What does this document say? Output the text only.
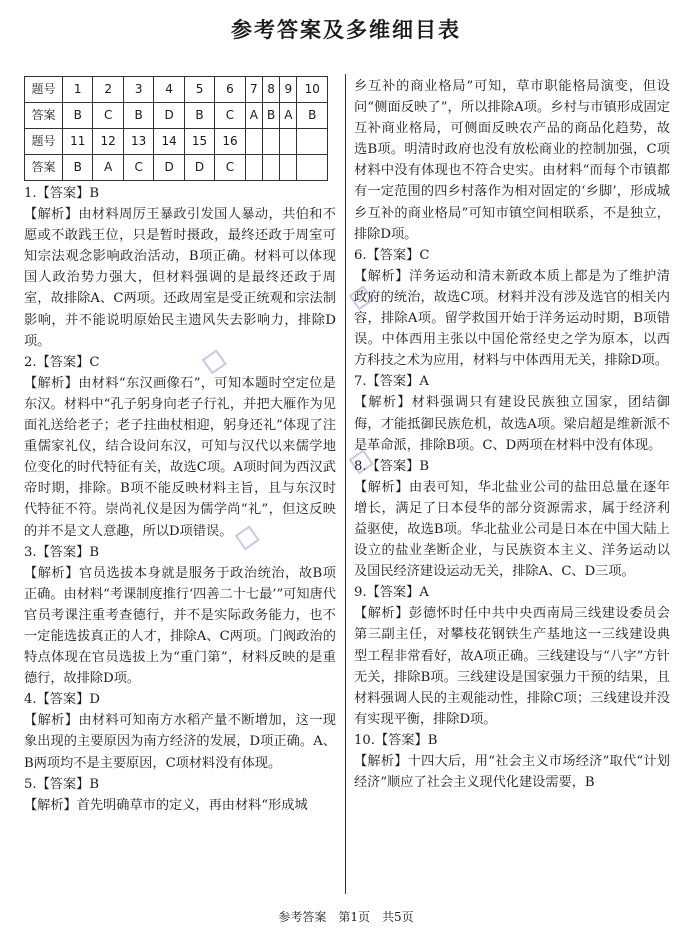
参考答案及多维细目表
题号	1	2	3	4	5	6	7	8	9	10
答案	B	C	B	D	B	C	A	B	A	B
题号	11	12	13	14	15	16				
答案	B	A	C	D	D	C				
1.【答案】B
【解析】由材料周厉王暴政引发国人暴动，共伯和不愿或不敢践王位，只是暂时摄政，最终还政于周室可知宗法观念影响政治活动，B项正确。材料可以体现国人政治势力强大，但材料强调的是最终还政于周室，故排除A、C两项。还政周室是受正统观和宗法制影响，并不能说明原始民主遗风失去影响力，排除D项。
2.【答案】C
【解析】由材料“东汉画像石”，可知本题时空定位是东汉。材料中“孔子躬身向老子行礼，并把大雁作为见面礼送给老子；老子拄曲杖相迎，躬身还礼”体现了注重儒家礼仪，结合设问东汉，可知与汉代以来儒学地位变化的时代特征有关，故选C项。A项时间为西汉武帝时期，排除。B项不能反映材料主旨，且与东汉时代特征不符。崇尚礼仪是因为儒学尚“礼”，但这反映的并不是文人意趣，所以D项错误。
3.【答案】B
【解析】官员选拔本身就是服务于政治统治，故B项正确。由材料“考课制度推行‘四善二十七最’”可知唐代官员考课注重考查德行，并不是实际政务能力，也不一定能选拔真正的人才，排除A、C两项。门阀政治的特点体现在官员选拔上为“重门第”，材料反映的是重德行，故排除D项。
4.【答案】D
【解析】由材料可知南方水稻产量不断增加，这一现象出现的主要原因为南方经济的发展，D项正确。A、B两项均不是主要原因，C项材料没有体现。
5.【答案】B
【解析】首先明确草市的定义，再由材料“形成城
乡互补的商业格局”可知，草市职能格局演变，但设问“侧面反映了”，所以排除A项。乡村与市镇形成固定互补商业格局，可侧面反映农产品的商品化趋势，故选B项。明清时政府也没有放松商业的控制加强，C项材料中没有体现也不符合史实。由材料“而每个市镇都有一定范围的四乡村落作为相对固定的‘乡脚’，形成城乡互补的商业格局”可知市镇空间相联系，不是独立，排除D项。
6.【答案】C
【解析】洋务运动和清末新政本质上都是为了维护清政府的统治，故选C项。材料并没有涉及选官的相关内容，排除A项。留学救国开始于洋务运动时期，B项错误。中体西用主张以中国伦常经史之学为原本，以西方科技之术为应用，材料与中体西用无关，排除D项。
7.【答案】A
【解析】材料强调只有建设民族独立国家，团结御侮，才能抵御民族危机，故选A项。梁启超是维新派不是革命派，排除B项。C、D两项在材料中没有体现。
8.【答案】B
【解析】由表可知，华北盐业公司的盐田总量在逐年增长，满足了日本侵华的部分资源需求，属于经济利益驱使，故选B项。华北盐业公司是日本在中国大陆上设立的盐业垄断企业，与民族资本主义、洋务运动以及国民经济建设运动无关，排除A、C、D三项。
9.【答案】A
【解析】彭德怀时任中共中央西南局三线建设委员会第三副主任，对攀枝花钢铁生产基地这一三线建设典型工程非常看好，故A项正确。三线建设与“八字”方针无关，排除B项。三线建设是国家强力干预的结果，且材料强调人民的主观能动性，排除C项；三线建设并没有实现平衡，排除D项。
10.【答案】B
【解析】十四大后，用“社会主义市场经济”取代“计划经济”顺应了社会主义现代化建设需要，B
参考答案　第1页　共5页
